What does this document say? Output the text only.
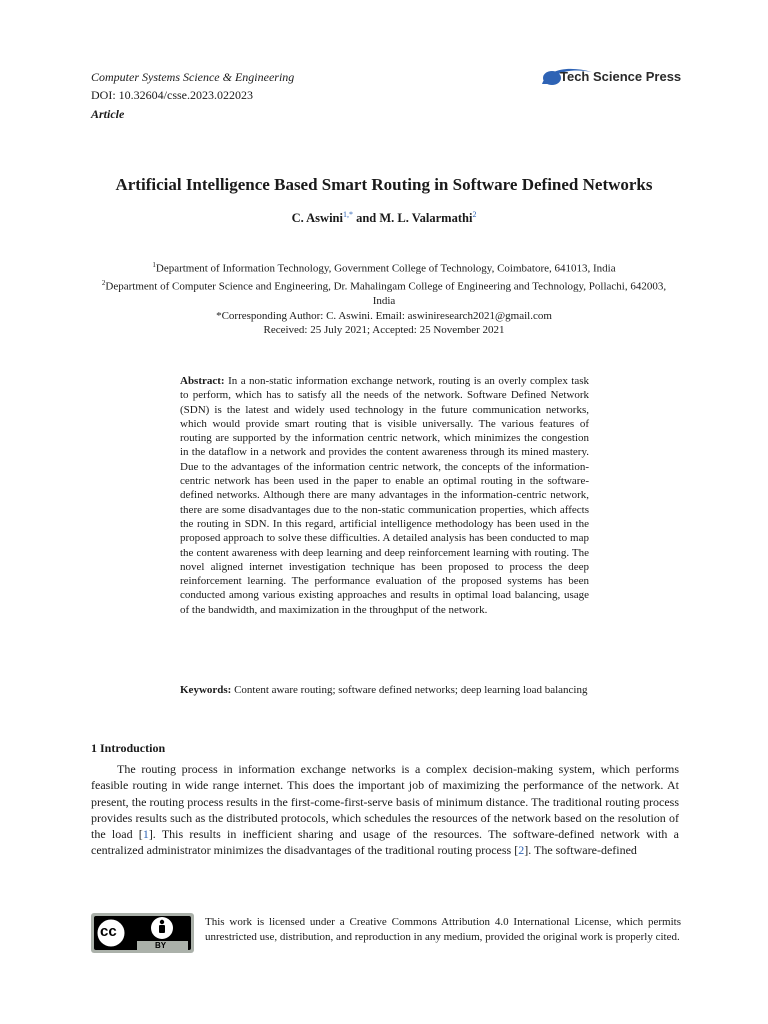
Computer Systems Science & Engineering
DOI: 10.32604/csse.2023.022023
Article
Tech Science Press
Artificial Intelligence Based Smart Routing in Software Defined Networks
C. Aswini$^{1,*}$ and M. L. Valarmathi$^2$
$^1$Department of Information Technology, Government College of Technology, Coimbatore, 641013, India
$^2$Department of Computer Science and Engineering, Dr. Mahalingam College of Engineering and Technology, Pollachi, 642003, India
*Corresponding Author: C. Aswini. Email: aswiniresearch2021@gmail.com
Received: 25 July 2021; Accepted: 25 November 2021
Abstract: In a non-static information exchange network, routing is an overly complex task to perform, which has to satisfy all the needs of the network. Software Defined Network (SDN) is the latest and widely used technology in the future communication networks, which would provide smart routing that is visible universally. The various features of routing are supported by the information centric network, which minimizes the congestion in the dataflow in a network and provides the content awareness through its mined mastery. Due to the advantages of the information centric network, the concepts of the information-centric network has been used in the paper to enable an optimal routing in the software-defined networks. Although there are many advantages in the information-centric network, there are some disadvantages due to the non-static communication properties, which affects the routing in SDN. In this regard, artificial intelligence methodology has been used in the proposed approach to solve these difficulties. A detailed analysis has been conducted to map the content awareness with deep learning and deep reinforcement learning with routing. The novel aligned internet investigation technique has been proposed to process the deep reinforcement learning. The performance evaluation of the proposed systems has been conducted among various existing approaches and results in optimal load balancing, usage of the bandwidth, and maximization in the throughput of the network.
Keywords: Content aware routing; software defined networks; deep learning load balancing
1 Introduction

The routing process in information exchange networks is a complex decision-making system, which performs feasible routing in wide range internet. This does the important job of maximizing the performance of the network. At present, the routing process results in the first-come-first-serve basis of minimum distance. The traditional routing process provides results such as the distributed protocols, which schedules the resources of the network based on the resolution of the load [1]. This results in inefficient sharing and usage of the resources. The software-defined network with a centralized administrator minimizes the disadvantages of the traditional routing process [2]. The software-defined

cc
BY
This work is licensed under a Creative Commons Attribution 4.0 International License, which permits unrestricted use, distribution, and reproduction in any medium, provided the original work is properly cited.
